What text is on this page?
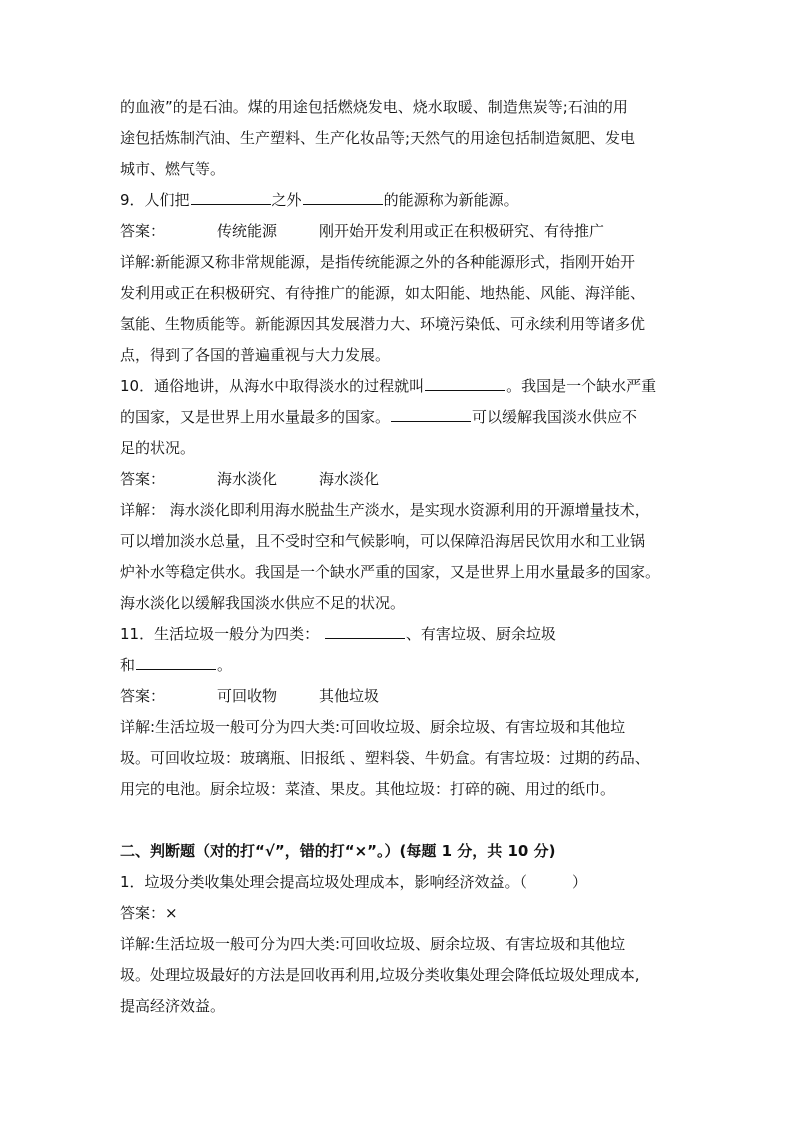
的血液”的是石油。煤的用途包括燃烧发电、烧水取暖、制造焦炭等;石油的用

途包括炼制汽油、生产塑料、生产化妆品等;天然气的用途包括制造氮肥、发电

城市、燃气等。

9．人们把	之外	的能源称为新能源。

答案：	传统能源	刚开始开发利用或正在积极研究、有待推广

详解:新能源又称非常规能源，是指传统能源之外的各种能源形式，指刚开始开

发利用或正在积极研究、有待推广的能源，如太阳能、地热能、风能、海洋能、

氢能、生物质能等。新能源因其发展潜力大、环境污染低、可永续利用等诸多优

点，得到了各国的普遍重视与大力发展。

10．通俗地讲，从海水中取得淡水的过程就叫	。我国是一个缺水严重

的国家，又是世界上用水量最多的国家。	可以缓解我国淡水供应不

足的状况。

答案：	海水淡化	海水淡化

详解： 海水淡化即利用海水脱盐生产淡水，是实现水资源利用的开源增量技术，

可以增加淡水总量，且不受时空和气候影响，可以保障沿海居民饮用水和工业锅

炉补水等稳定供水。我国是一个缺水严重的国家，又是世界上用水量最多的国家。

海水淡化以缓解我国淡水供应不足的状况。

11．生活垃圾一般分为四类：	、有害垃圾、厨余垃圾

和	。

答案：	可回收物	其他垃圾

详解:生活垃圾一般可分为四大类:可回收垃圾、厨余垃圾、有害垃圾和其他垃

圾。可回收垃圾：玻璃瓶、旧报纸 、塑料袋、牛奶盒。有害垃圾：过期的药品、

用完的电池。厨余垃圾：菜渣、果皮。其他垃圾：打碎的碗、用过的纸巾。

二、判断题（对的打“√”，错的打“×”。）(每题 1 分，共 10 分)

1．垃圾分类收集处理会提高垃圾处理成本，影响经济效益。（　　　）

答案：×

详解:生活垃圾一般可分为四大类:可回收垃圾、厨余垃圾、有害垃圾和其他垃

圾。处理垃圾最好的方法是回收再利用,垃圾分类收集处理会降低垃圾处理成本,

提高经济效益。
